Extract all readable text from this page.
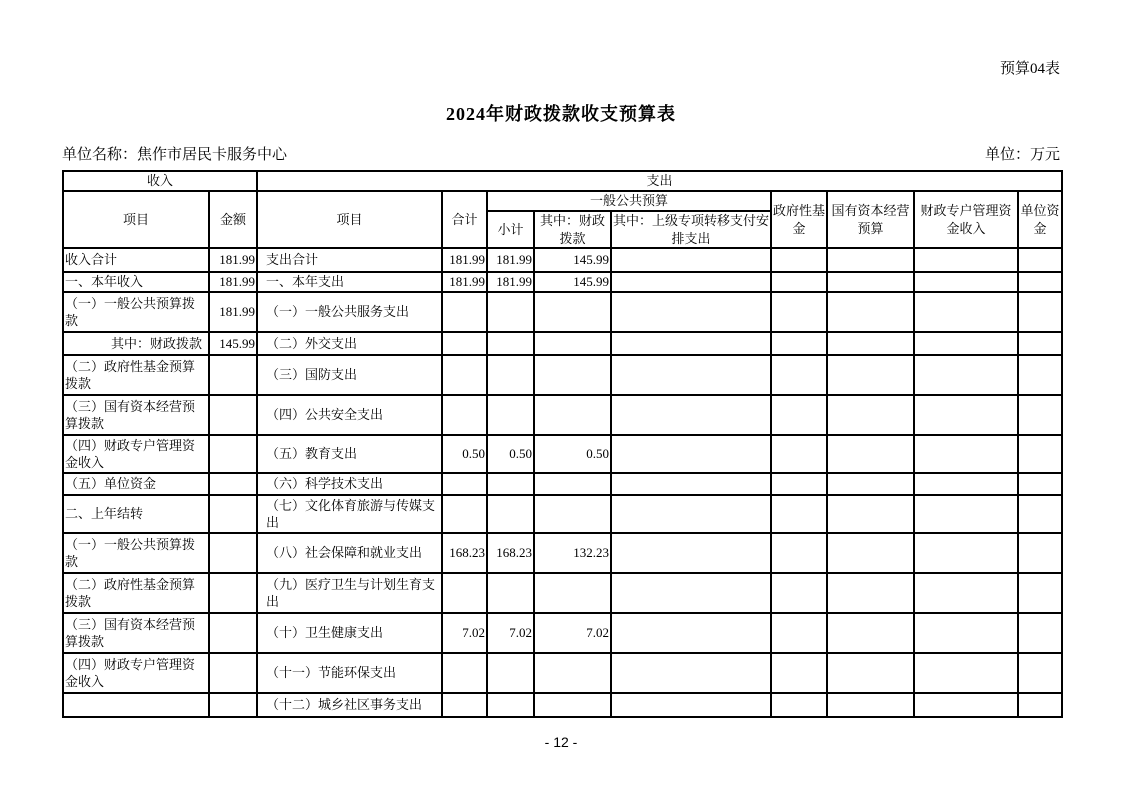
预算04表
2024年财政拨款收支预算表
单位名称：焦作市居民卡服务中心	单位：万元
收入		支出								
项目	金额	项目	合计	一般公共预算			政府性基金	国有资本经营预算	财政专户管理资金收入	单位资金
				小计	其中：财政拨款	其中：上级专项转移支付安排支出				
收入合计	181.99	支出合计	181.99	181.99	145.99					
一、本年收入	181.99	一、本年支出	181.99	181.99	145.99					
（一）一般公共预算拨款	181.99	（一）一般公共服务支出								
其中：财政拨款	145.99	（二）外交支出								
（二）政府性基金预算拨款		（三）国防支出								
（三）国有资本经营预算拨款		（四）公共安全支出								
（四）财政专户管理资金收入		（五）教育支出	0.50	0.50	0.50					
（五）单位资金		（六）科学技术支出								
二、上年结转		（七）文化体育旅游与传媒支出								
（一）一般公共预算拨款		（八）社会保障和就业支出	168.23	168.23	132.23					
（二）政府性基金预算拨款		（九）医疗卫生与计划生育支出								
（三）国有资本经营预算拨款		（十）卫生健康支出	7.02	7.02	7.02					
（四）财政专户管理资金收入		（十一）节能环保支出								
		（十二）城乡社区事务支出								
- 12 -
